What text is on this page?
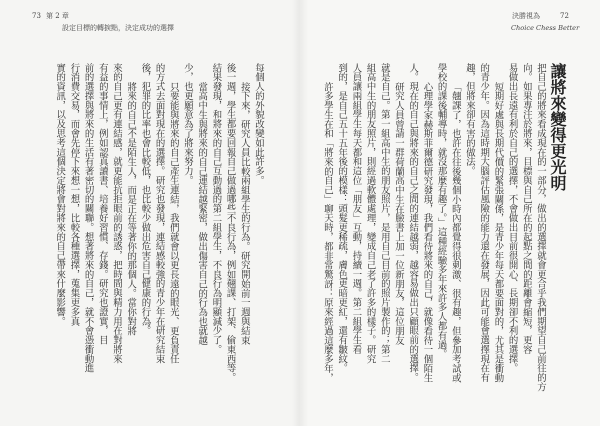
73 第 2 章
設定目標的轉捩點，決定成功的選擇
決勝視為	72
Choice Chess Better
讓將來變得更光明
把自己的將來看成現在的一部分，做出的選擇就會更合乎我們期望自己前往的方
向。如果專注於將來，目標與自己所在的起點之間的距離會縮短，更容
易做出長遠有利於自己的選擇，不會做出目前很開心、長期卻不利的選擇。
短期好處與長期代價的緊張關係，是青少年每天都要面對的，尤其是衝動
的青少年。因為這時期大腦評估風險的能力還在發展，因此可能會選擇現在有
趣，但將來卻有害的做法。
「翹課了，也許在往後幾個小時內都覺得很刺激、很有趣，但參加考試或
學校的課後輔導時，就沒那麼有趣了。」這種經驗多年來許多人都有過。
心理學家赫斯菲爾德研究發現，我們看待將來的自己，就像看待一個陌生
人。現在的自己與將來的自己之間的連結越弱，越容易做出只顧眼前的選擇。
研究人員曾請一群荷蘭高中生在臉書上加一位新朋友，這位朋友
就是自己。第一組高中生的朋友照片，是用自己目前的照片製作的；第二
組高中生的朋友照片，則經過軟體處理，變成自己老了許多的樣子。研究
人員讓兩組學生每天都和這位「朋友」互動，持續一週。第二組學生看
到的，是自己五十五年後的模樣：頭髮更稀疏，膚色更暗更紅，還有皺紋。
許多學生在和「將來的自己」聊天時，都非常驚訝：原來經過這麼多年，
每個人的外貌改變如此許多。
接下來，研究人員比較兩組學生的行為。研究開始前一週與結束
後一週，學生都要回報自己做過哪些不良行為，例如翹課、打架、偷東西等。
結果發現，和將來的自己互動過的第二組學生，不良行為明顯減少了。
當高中生與將來的自己連結越緊密，做出傷害自己的行為也就越
少，也更願意為了將來努力。
只要能與將來的自己產生連結，我們就會以更長遠的眼光、更負責任
的方式去面對現在的選擇。研究也發現，連結感較強的青少年在研究結束
後，犯罪的比率也會比較低，也比較少做出危害自己健康的行為。
將來的自己不是陌生人，而是正在等著你的那個人。當你對將
來的自己更有連結感，就更能抗拒眼前的誘惑，把時間與精力用在對將來
有益的事情上，例如認真讀書、培養好習慣、存錢。研究也證實，目
前的選擇與將來的生活有著密切的關聯。想著將來的自己，就不會憑衝動進
行消費交易，而會先停下來想一想，比較各種選擇，蒐集更多真
實的資訊，以及思考這個決定將會對將來的自己帶來什麼影響。
